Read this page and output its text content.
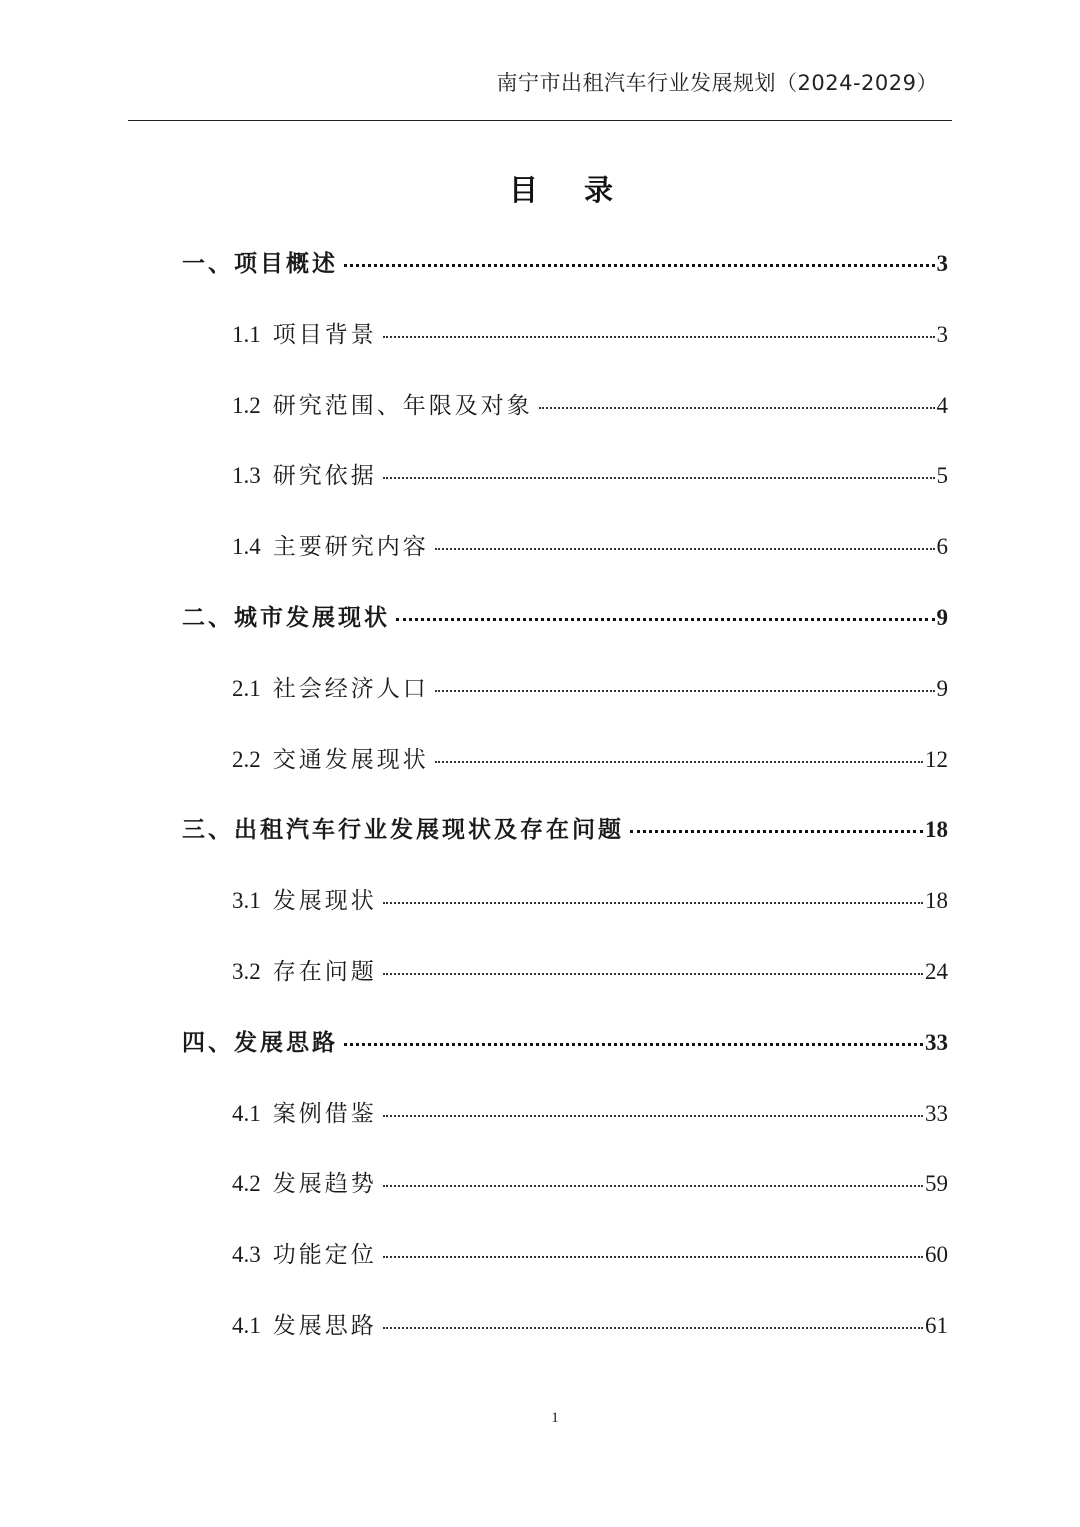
南宁市出租汽车行业发展规划（2024-2029）
目 录
一、项目概述	3
1.1 项目背景	3
1.2 研究范围、年限及对象	4
1.3 研究依据	5
1.4 主要研究内容	6
二、城市发展现状	9
2.1 社会经济人口	9
2.2 交通发展现状	12
三、出租汽车行业发展现状及存在问题	18
3.1 发展现状	18
3.2 存在问题	24
四、发展思路	33
4.1 案例借鉴	33
4.2 发展趋势	59
4.3 功能定位	60
4.1 发展思路	61
1
